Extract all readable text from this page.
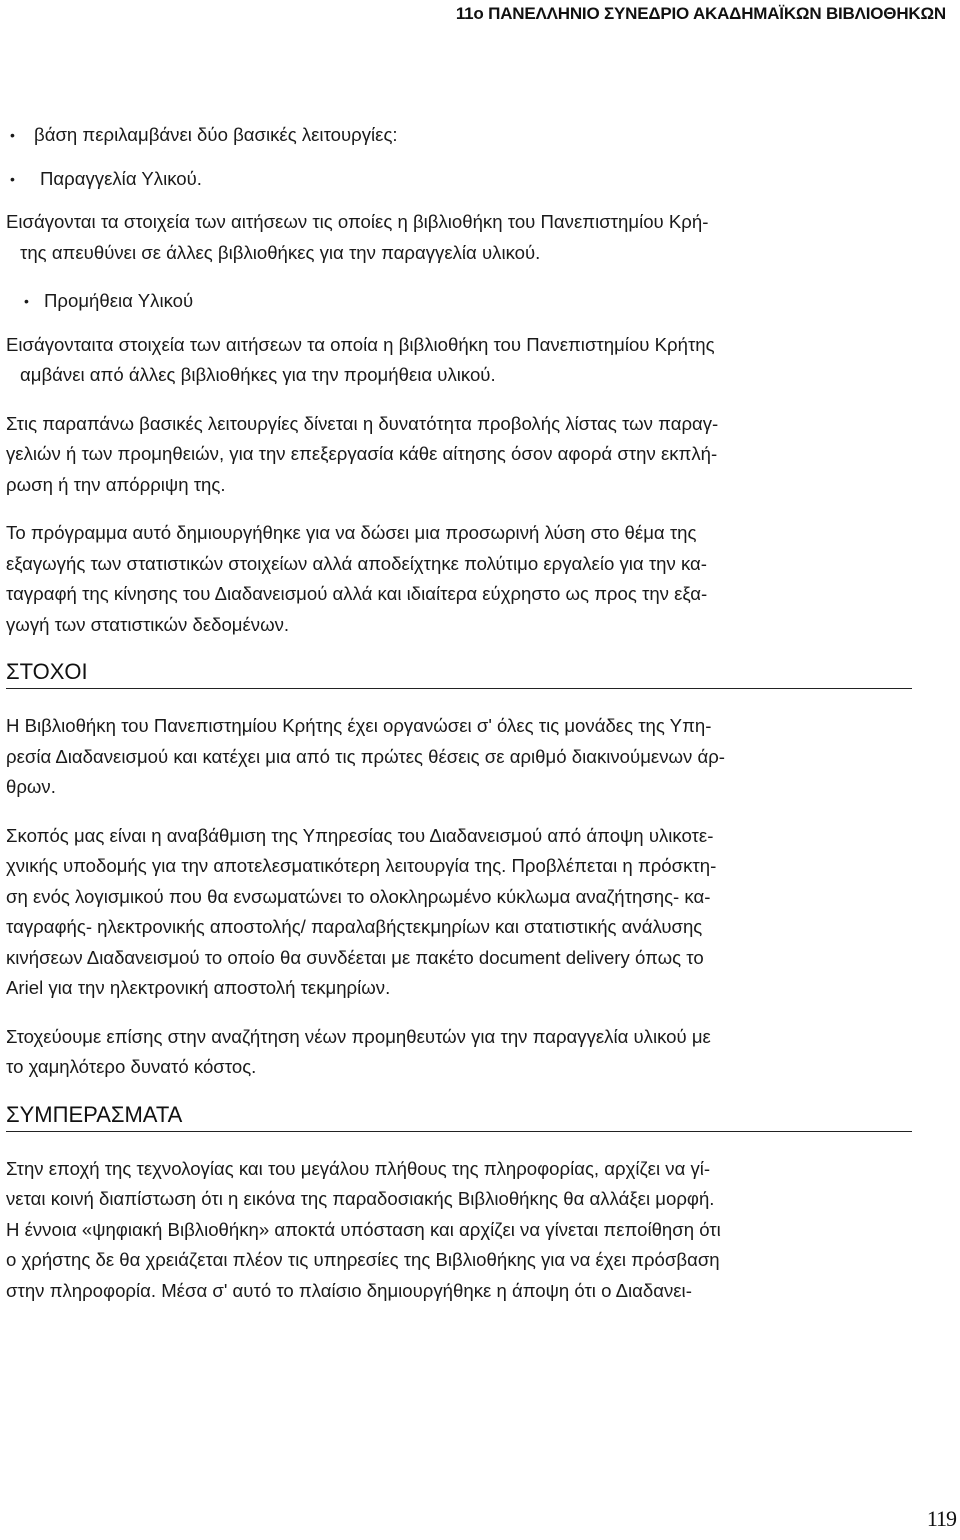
11ο ΠΑΝΕΛΛΗΝΙΟ ΣΥΝΕΔΡΙΟ ΑΚΑΔΗΜΑΪΚΩΝ ΒΙΒΛΙΟΘΗΚΩΝ
• βάση περιλαμβάνει δύο βασικές λειτουργίες:
• Παραγγελία Υλικού.
Εισάγονται τα στοιχεία των αιτήσεων τις οποίες η βιβλιοθήκη του Πανεπιστημίου Κρή-
της απευθύνει σε άλλες βιβλιοθήκες για την παραγγελία υλικού.
• Προμήθεια Υλικού
Εισάγονταιτα στοιχεία των αιτήσεων τα οποία η βιβλιοθήκη του Πανεπιστημίου Κρήτης
αμβάνει από άλλες βιβλιοθήκες για την προμήθεια υλικού.
Στις παραπάνω βασικές λειτουργίες δίνεται η δυνατότητα προβολής λίστας των παραγ-
γελιών ή των προμηθειών, για την επεξεργασία κάθε αίτησης όσον αφορά στην εκπλή-
ρωση ή την απόρριψη της.
Το πρόγραμμα αυτό δημιουργήθηκε για να δώσει μια προσωρινή λύση στο θέμα της
εξαγωγής των στατιστικών στοιχείων αλλά αποδείχτηκε πολύτιμο εργαλείο για την κα-
ταγραφή της κίνησης του Διαδανεισμού αλλά και ιδιαίτερα εύχρηστο ως προς την εξα-
γωγή των στατιστικών δεδομένων.
ΣΤΟΧΟΙ
Η Βιβλιοθήκη του Πανεπιστημίου Κρήτης έχει οργανώσει σ' όλες τις μονάδες της Υπη-
ρεσία Διαδανεισμού και κατέχει μια από τις πρώτες θέσεις σε αριθμό διακινούμενων άρ-
θρων.
Σκοπός μας είναι η αναβάθμιση της Υπηρεσίας του Διαδανεισμού από άποψη υλικοτε-
χνικής υποδομής για την αποτελεσματικότερη λειτουργία της. Προβλέπεται η πρόσκτη-
ση ενός λογισμικού που θα ενσωματώνει το ολοκληρωμένο κύκλωμα αναζήτησης- κα-
ταγραφής- ηλεκτρονικής αποστολής/ παραλαβήςτεκμηρίων και στατιστικής ανάλυσης
κινήσεων Διαδανεισμού το οποίο θα συνδέεται με πακέτο document delivery όπως το
Ariel για την ηλεκτρονική αποστολή τεκμηρίων.
Στοχεύουμε επίσης στην αναζήτηση νέων προμηθευτών για την παραγγελία υλικού με
το χαμηλότερο δυνατό κόστος.
ΣΥΜΠΕΡΑΣΜΑΤΑ
Στην εποχή της τεχνολογίας και του μεγάλου πλήθους της πληροφορίας, αρχίζει να γί-
νεται κοινή διαπίστωση ότι η εικόνα της παραδοσιακής Βιβλιοθήκης θα αλλάξει μορφή.
Η έννοια «ψηφιακή Βιβλιοθήκη» αποκτά υπόσταση και αρχίζει να γίνεται πεποίθηση ότι
ο χρήστης δε θα χρειάζεται πλέον τις υπηρεσίες της Βιβλιοθήκης για να έχει πρόσβαση
στην πληροφορία. Μέσα σ' αυτό το πλαίσιο δημιουργήθηκε η άποψη ότι ο Διαδανει-
119
